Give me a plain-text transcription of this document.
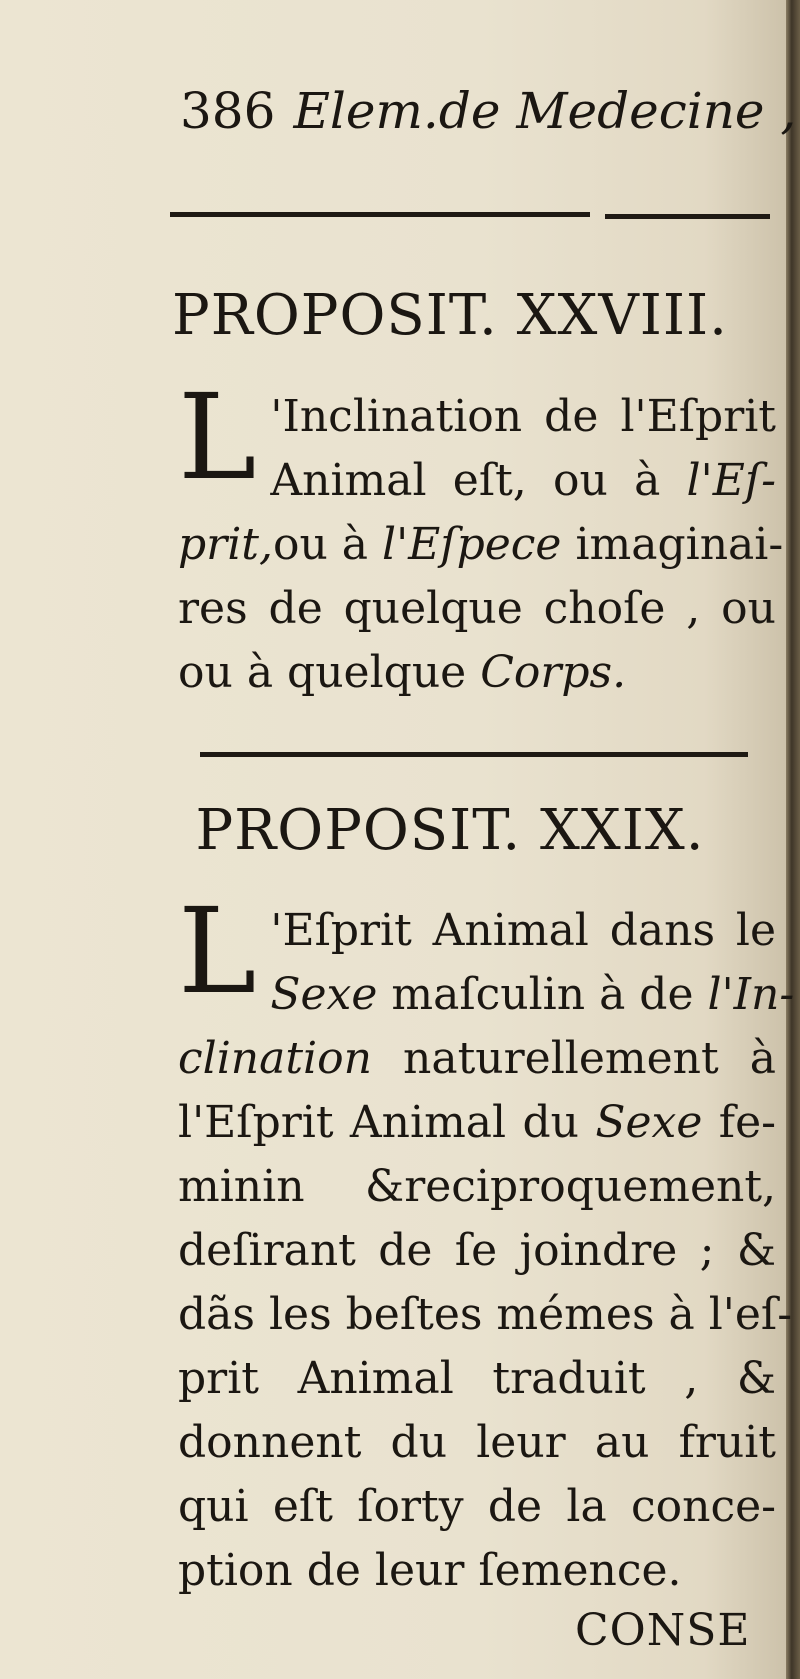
386 Elem.de Medecine ,
PROPOSIT. XXVIII.
L 'Inclination de l'Eſprit
Animal eſt, ou à l'Eſ-
prit,ou à l'Eſpece imaginai-
res de quelque choſe , ou
ou à quelque Corps.
PROPOSIT. XXIX.
L 'Eſprit Animal dans le
Sexe maſculin à de l'In-
clination naturellement à
l'Eſprit Animal du Sexe fe-
minin &reciproquement,
deſirant de ſe joindre ; &
dãs les beſtes mémes à l'eſ-
prit Animal traduit , &
donnent du leur au fruit
qui eſt ſorty de la conce-
ption de leur ſemence.
CONSE
